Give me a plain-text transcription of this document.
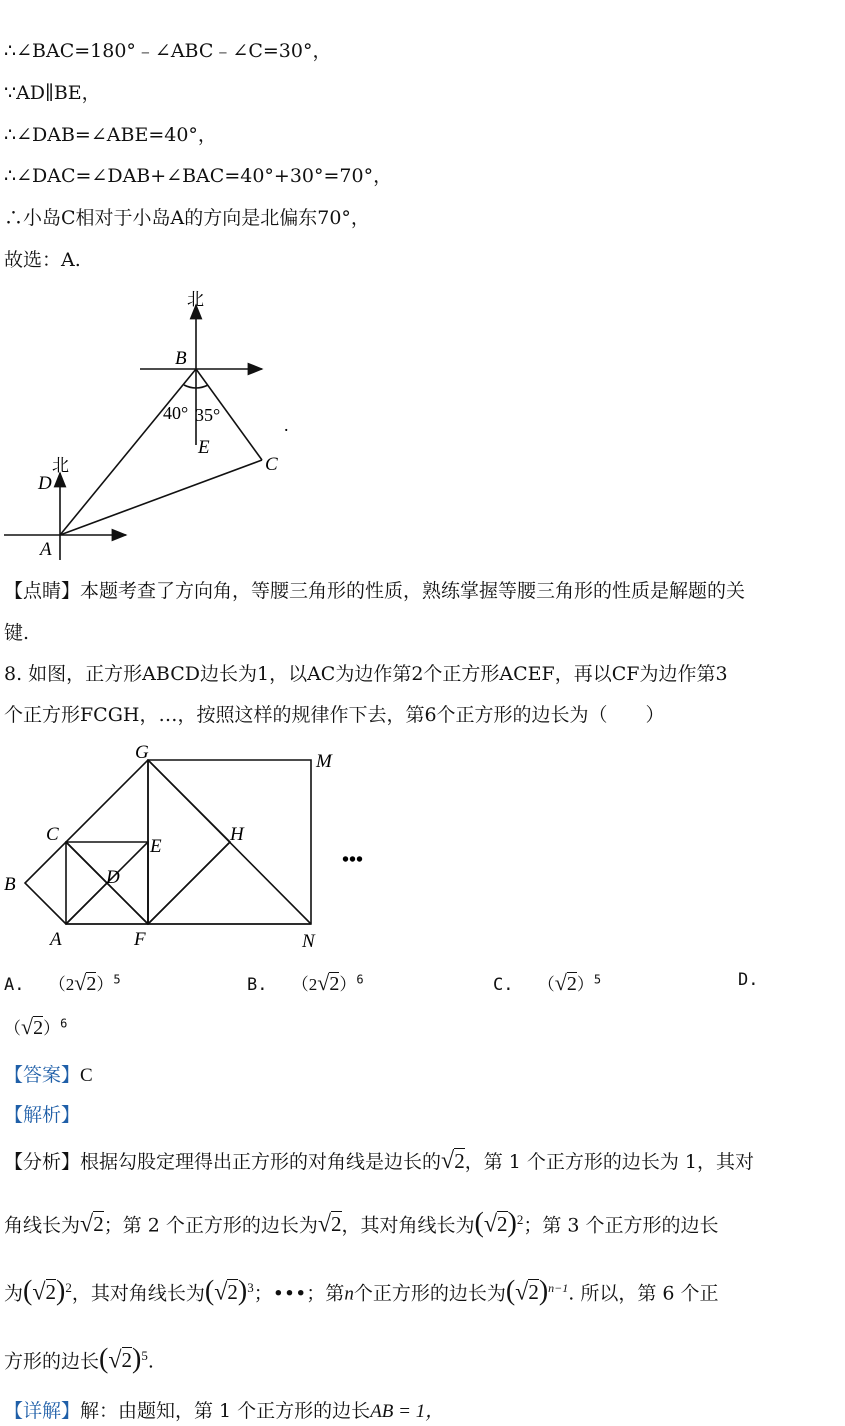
∴∠BAC=180°﹣∠ABC﹣∠C=30°，
∵AD∥BE，
∴∠DAB=∠ABE=40°，
∴∠DAC=∠DAB+∠BAC=40°+30°=70°，
∴小岛C相对于小岛A的方向是北偏东70°，
故选：A.
北
北
B
E
C
D
A
40° 35°	.
【点睛】本题考查了方向角，等腰三角形的性质，熟练掌握等腰三角形的性质是解题的关
键.
8. 如图，正方形ABCD边长为1，以AC为边作第2个正方形ACEF，再以CF为边作第3
个正方形FCGH，…，按照这样的规律作下去，第6个正方形的边长为（　　）
G	M
C
E
H
B	D
A	F	N
•••
A. $(2√2)^5$	B. $(2√2)^6$	C. $(√2)^5$	D.
$(√2)^6$
【答案】C
【解析】
【分析】根据勾股定理得出正方形的对角线是边长的√2，第 1 个正方形的边长为 1，其对
角线长为√2；第 2 个正方形的边长为√2，其对角线长为$(√2)^2$；第 3 个正方形的边长
为$(√2)^2$，其对角线长为$(√2)^3$；•••；第n个正方形的边长为$(√2)^{n-1}$. 所以，第 6 个正
方形的边长$(√2)^5$.
【详解】解：由题知，第 1 个正方形的边长AB = 1，
